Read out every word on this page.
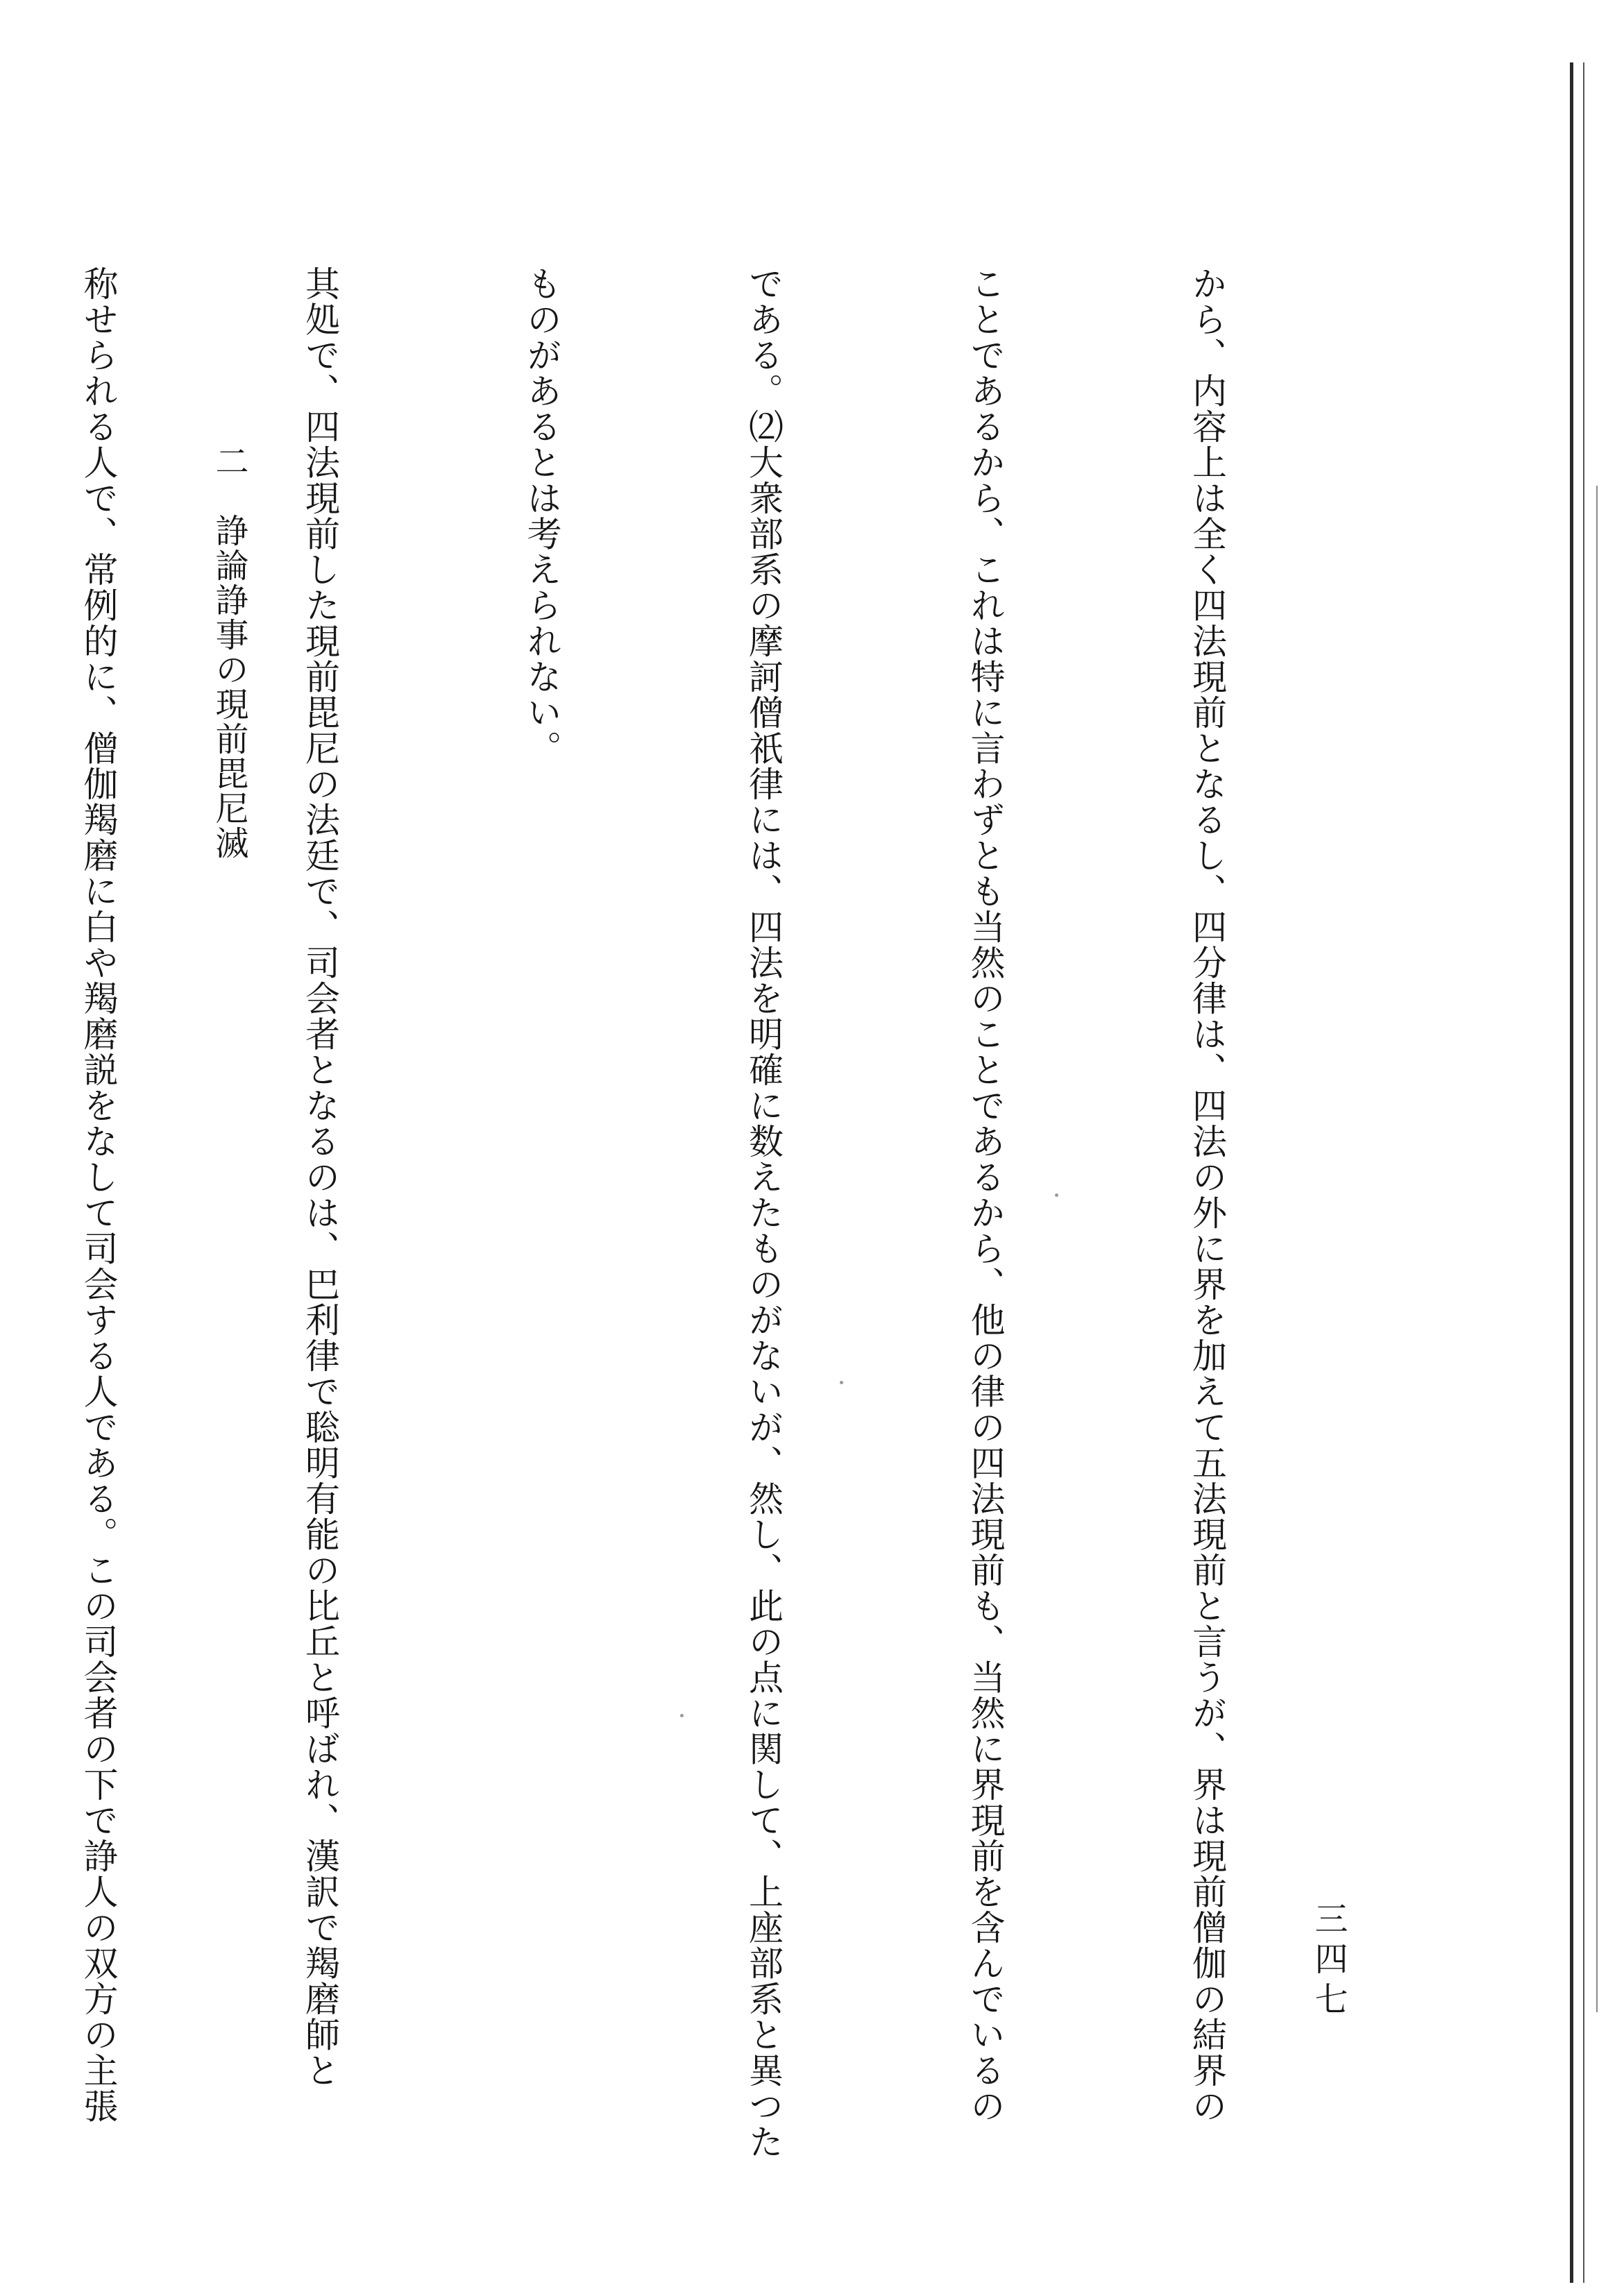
から、内容上は全く四法現前となるし、四分律は、四法の外に界を加えて五法現前と言うが、界は現前僧伽の結界の

ことであるから、これは特に言わずとも当然のことであるから、他の律の四法現前も、当然に界現前を含んでいるの

である。⑵大衆部系の摩訶僧祇律には、四法を明確に数えたものがないが、然し、此の点に関して、上座部系と異つた

ものがあるとは考えられない。

其処で、四法現前した現前毘尼の法廷で、司会者となるのは、巴利律で聡明有能の比丘と呼ばれ、漢訳で羯磨師と

称せられる人で、常例的に、僧伽羯磨に白や羯磨説をなして司会する人である。この司会者の下で諍人の双方の主張

	二　諍論諍事の現前毘尼滅
三四七
